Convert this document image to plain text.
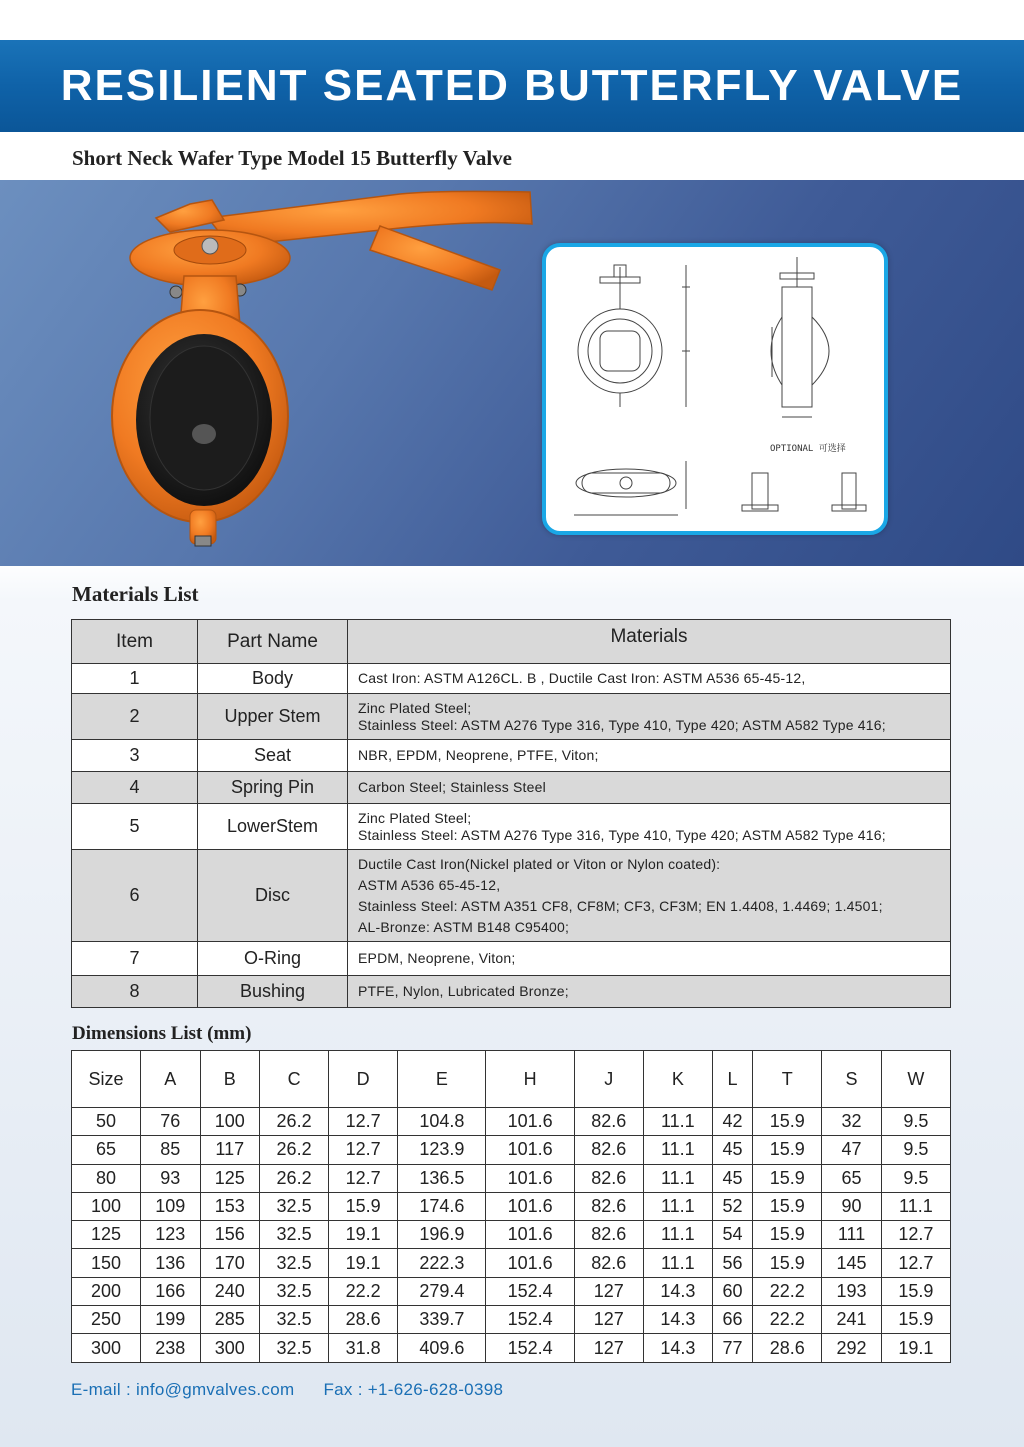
RESILIENT SEATED BUTTERFLY VALVE
Short Neck Wafer Type Model 15 Butterfly Valve
OPTIONAL 可选择
Materials List
Item	Part Name	Materials
1	Body	Cast Iron: ASTM A126CL. B , Ductile Cast Iron: ASTM A536 65-45-12,

2	Upper Stem	Zinc Plated Steel;
Stainless Steel: ASTM A276 Type 316, Type 410, Type 420; ASTM A582 Type 416;

3	Seat	NBR, EPDM, Neoprene, PTFE, Viton;

4	Spring Pin	Carbon Steel; Stainless Steel

5	LowerStem	Zinc Plated Steel;
Stainless Steel: ASTM A276 Type 316, Type 410, Type 420; ASTM A582 Type 416;

6	Disc	Ductile Cast Iron(Nickel plated or Viton or Nylon coated):
ASTM A536 65-45-12,
Stainless Steel: ASTM A351 CF8, CF8M; CF3, CF3M; EN 1.4408, 1.4469; 1.4501;
AL-Bronze: ASTM B148 C95400;

7	O-Ring	EPDM, Neoprene, Viton;

8	Bushing	PTFE, Nylon, Lubricated Bronze;
Dimensions List (mm)
Size	A	B	C	D	E	H	J	K	L	T	S	W
50	76	100	26.2	12.7	104.8	101.6	82.6	11.1	42	15.9	32	9.5
65	85	117	26.2	12.7	123.9	101.6	82.6	11.1	45	15.9	47	9.5
80	93	125	26.2	12.7	136.5	101.6	82.6	11.1	45	15.9	65	9.5
100	109	153	32.5	15.9	174.6	101.6	82.6	11.1	52	15.9	90	11.1
125	123	156	32.5	19.1	196.9	101.6	82.6	11.1	54	15.9	111	12.7
150	136	170	32.5	19.1	222.3	101.6	82.6	11.1	56	15.9	145	12.7
200	166	240	32.5	22.2	279.4	152.4	127	14.3	60	22.2	193	15.9
250	199	285	32.5	28.6	339.7	152.4	127	14.3	66	22.2	241	15.9
300	238	300	32.5	31.8	409.6	152.4	127	14.3	77	28.6	292	19.1
E-mail : info@gmvalves.com Fax : +1-626-628-0398
